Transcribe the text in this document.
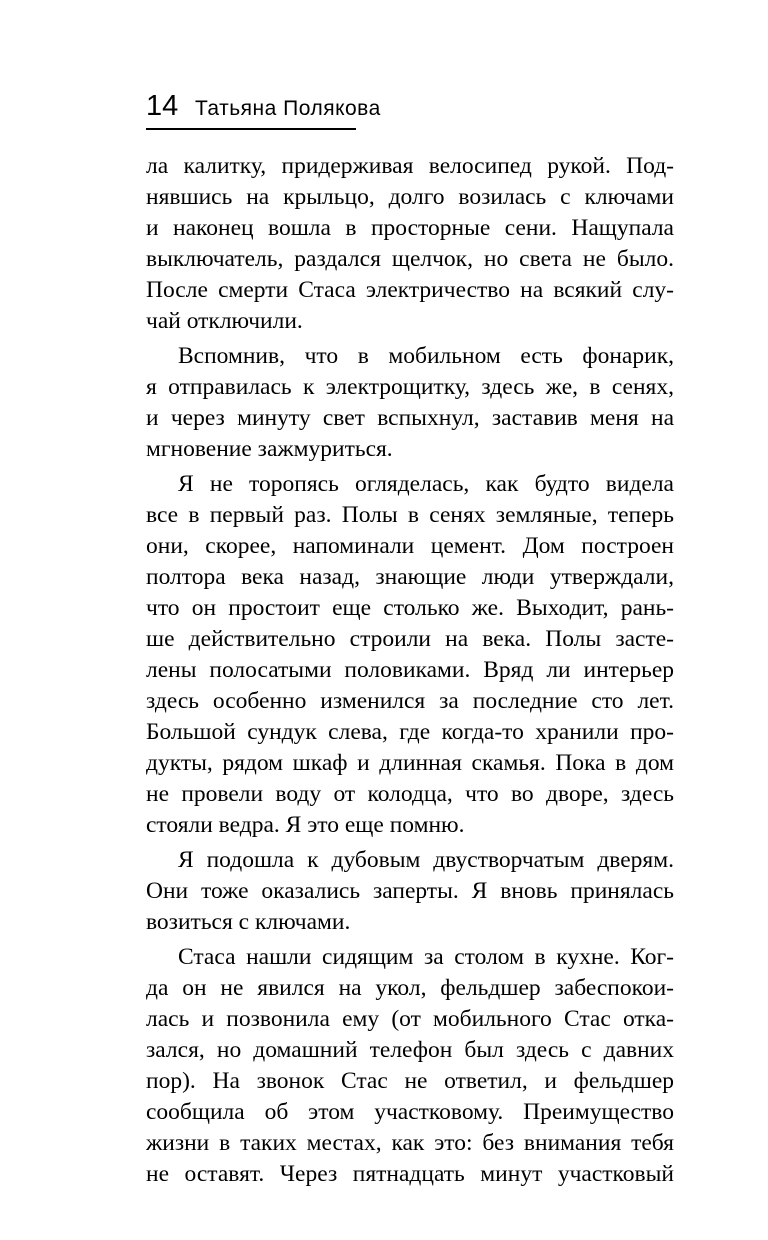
14 Татьяна Полякова
ла калитку, придерживая велосипед рукой. Под-
нявшись на крыльцо, долго возилась с ключами
и наконец вошла в просторные сени. Нащупала
выключатель, раздался щелчок, но света не было.
После смерти Стаса электричество на всякий слу-
чай отключили.
Вспомнив, что в мобильном есть фонарик,
я отправилась к электрощитку, здесь же, в сенях,
и через минуту свет вспыхнул, заставив меня на
мгновение зажмуриться.
Я не торопясь огляделась, как будто видела
все в первый раз. Полы в сенях земляные, теперь
они, скорее, напоминали цемент. Дом построен
полтора века назад, знающие люди утверждали,
что он простоит еще столько же. Выходит, рань-
ше действительно строили на века. Полы засте-
лены полосатыми половиками. Вряд ли интерьер
здесь особенно изменился за последние сто лет.
Большой сундук слева, где когда-то хранили про-
дукты, рядом шкаф и длинная скамья. Пока в дом
не провели воду от колодца, что во дворе, здесь
стояли ведра. Я это еще помню.
Я подошла к дубовым двустворчатым дверям.
Они тоже оказались заперты. Я вновь принялась
возиться с ключами.
Стаса нашли сидящим за столом в кухне. Ког-
да он не явился на укол, фельдшер забеспокои-
лась и позвонила ему (от мобильного Стас отка-
зался, но домашний телефон был здесь с давних
пор). На звонок Стас не ответил, и фельдшер
сообщила об этом участковому. Преимущество
жизни в таких местах, как это: без внимания тебя
не оставят. Через пятнадцать минут участковый
